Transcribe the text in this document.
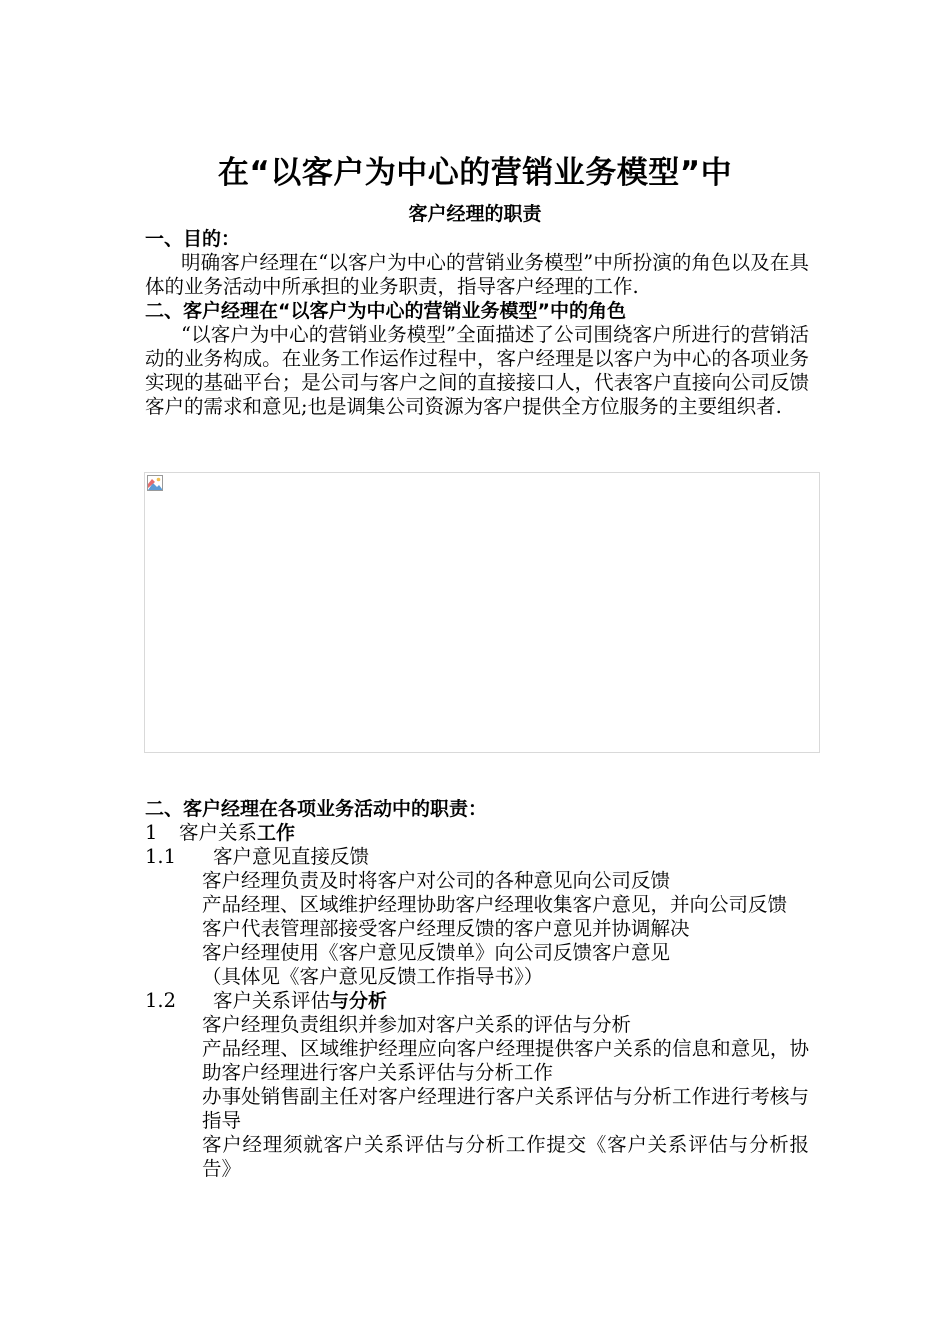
在“以客户为中心的营销业务模型”中
客户经理的职责

一、目的：

明确客户经理在“以客户为中心的营销业务模型”中所扮演的角色以及在具体的业务活动中所承担的业务职责，指导客户经理的工作.

二、客户经理在“以客户为中心的营销业务模型”中的角色

“以客户为中心的营销业务模型”全面描述了公司围绕客户所进行的营销活动的业务构成。在业务工作运作过程中，客户经理是以客户为中心的各项业务实现的基础平台；是公司与客户之间的直接接口人，代表客户直接向公司反馈客户的需求和意见;也是调集公司资源为客户提供全方位服务的主要组织者.

二、客户经理在各项业务活动中的职责：

1 客户关系工作

1.1 客户意见直接反馈

客户经理负责及时将客户对公司的各种意见向公司反馈

产品经理、区域维护经理协助客户经理收集客户意见，并向公司反馈

客户代表管理部接受客户经理反馈的客户意见并协调解决

客户经理使用《客户意见反馈单》向公司反馈客户意见

（具体见《客户意见反馈工作指导书》）

1.2 客户关系评估与分析

客户经理负责组织并参加对客户关系的评估与分析

产品经理、区域维护经理应向客户经理提供客户关系的信息和意见，协助客户经理进行客户关系评估与分析工作

办事处销售副主任对客户经理进行客户关系评估与分析工作进行考核与指导

客户经理须就客户关系评估与分析工作提交《客户关系评估与分析报告》
